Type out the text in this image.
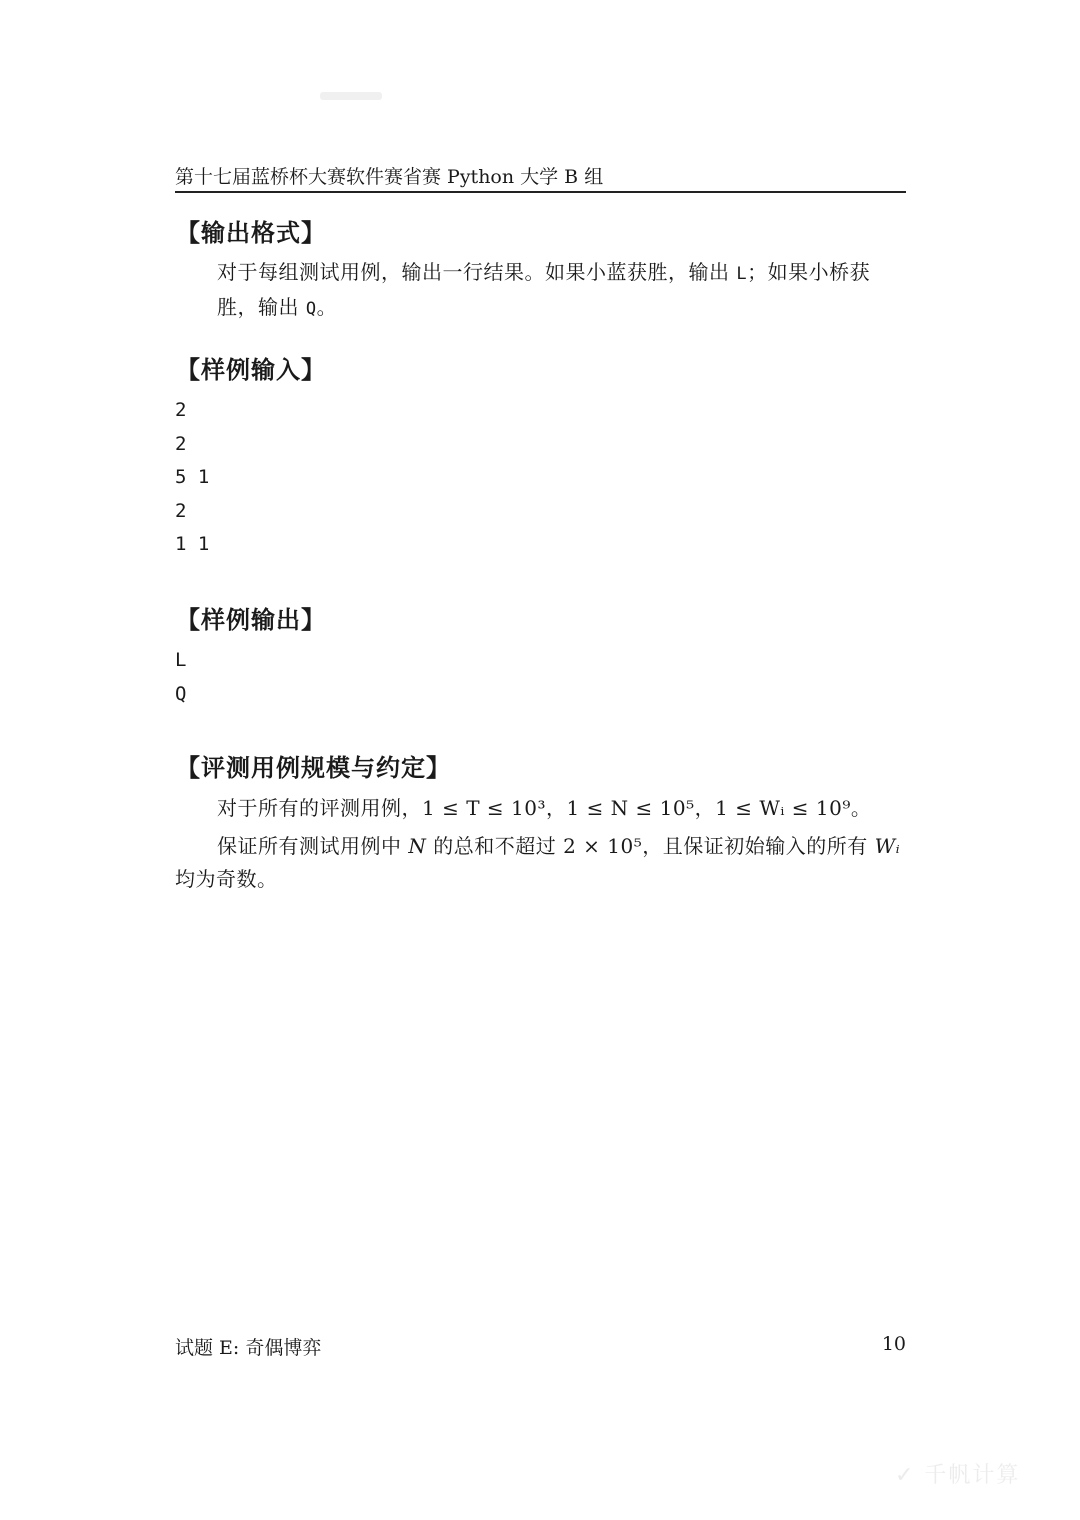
第十七届蓝桥杯大赛软件赛省赛 Python 大学 B 组
【输出格式】
对于每组测试用例，输出一行结果。如果小蓝获胜，输出 L；如果小桥获胜，输出 Q。
【样例输入】
2
2
5 1
2
1 1
【样例输出】
L
Q
【评测用例规模与约定】
对于所有的评测用例，1 ≤ T ≤ 10³，1 ≤ N ≤ 10⁵，1 ≤ Wᵢ ≤ 10⁹。
保证所有测试用例中 N 的总和不超过 2 × 10⁵，且保证初始输入的所有 Wᵢ
均为奇数。
试题 E: 奇偶博弈	10
✓ 千帆计算
